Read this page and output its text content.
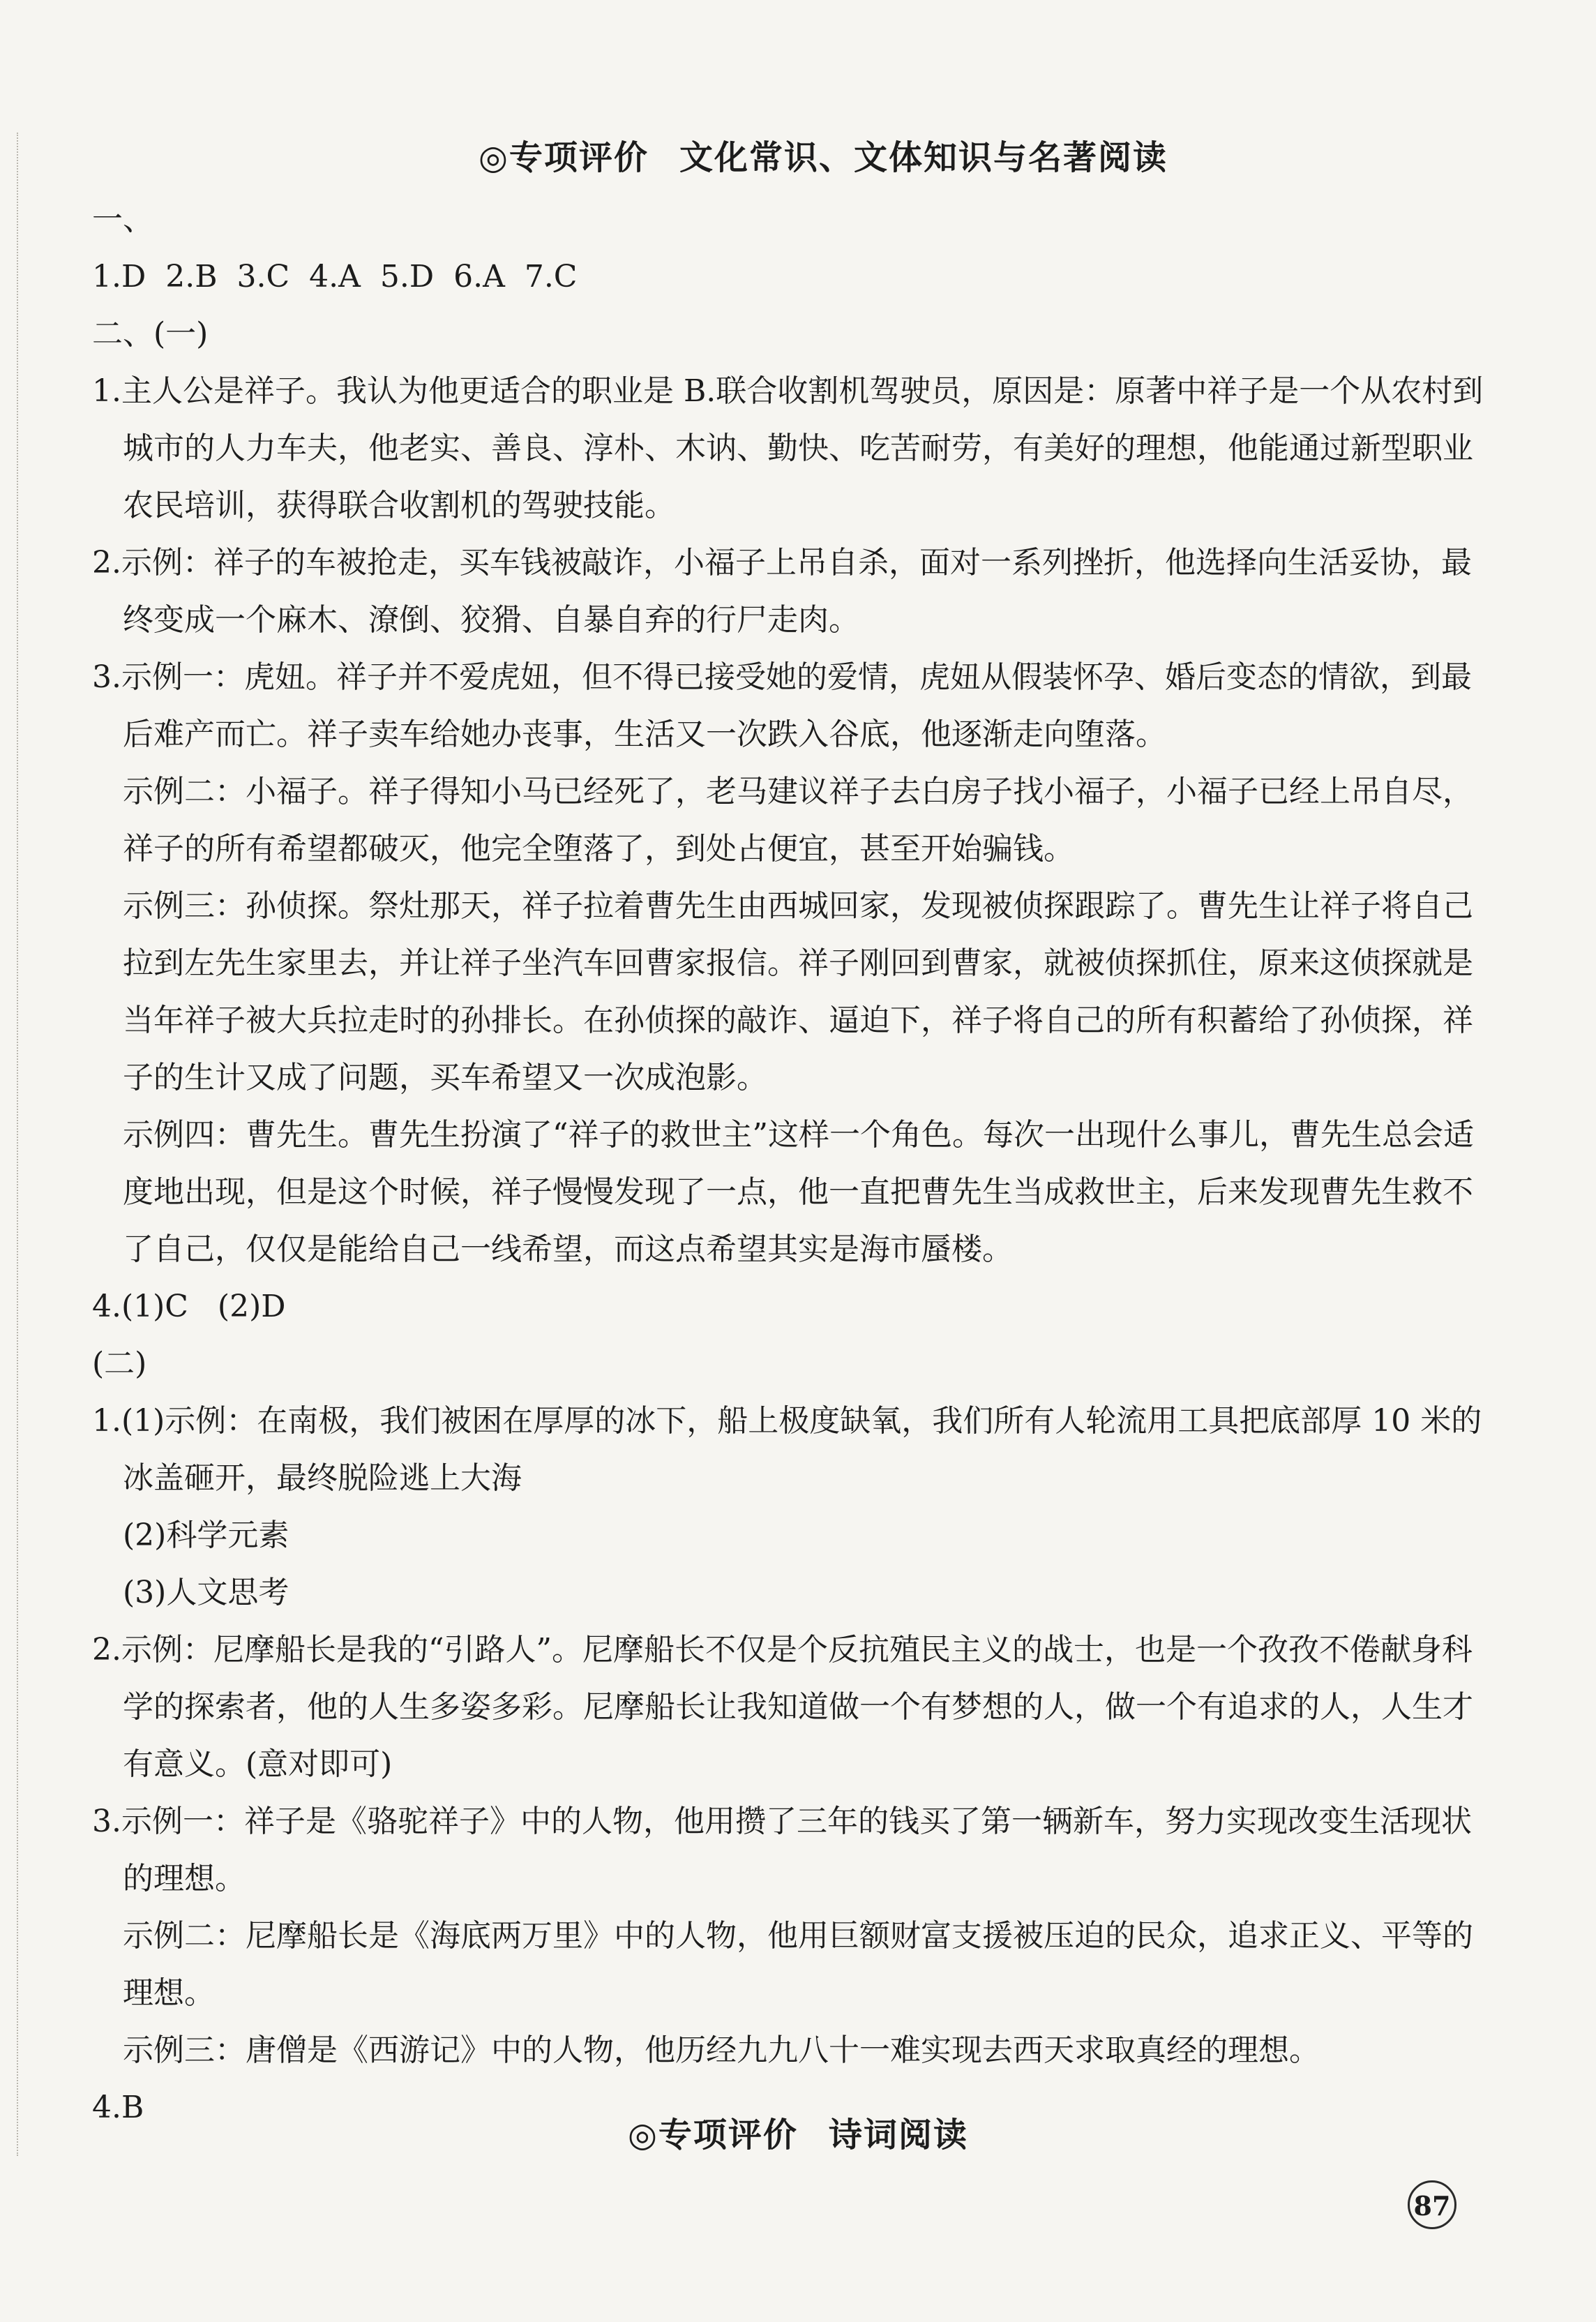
◎专项评价 文化常识、文体知识与名著阅读
一、
1.D  2.B  3.C  4.A  5.D  6.A  7.C
二、(一)
1.主人公是祥子。我认为他更适合的职业是 B.联合收割机驾驶员，原因是：原著中祥子是一个从农村到城市的人力车夫，他老实、善良、淳朴、木讷、勤快、吃苦耐劳，有美好的理想，他能通过新型职业农民培训，获得联合收割机的驾驶技能。
2.示例：祥子的车被抢走，买车钱被敲诈，小福子上吊自杀，面对一系列挫折，他选择向生活妥协，最终变成一个麻木、潦倒、狡猾、自暴自弃的行尸走肉。
3.示例一：虎妞。祥子并不爱虎妞，但不得已接受她的爱情，虎妞从假装怀孕、婚后变态的情欲，到最后难产而亡。祥子卖车给她办丧事，生活又一次跌入谷底，他逐渐走向堕落。
示例二：小福子。祥子得知小马已经死了，老马建议祥子去白房子找小福子，小福子已经上吊自尽，祥子的所有希望都破灭，他完全堕落了，到处占便宜，甚至开始骗钱。
示例三：孙侦探。祭灶那天，祥子拉着曹先生由西城回家，发现被侦探跟踪了。曹先生让祥子将自己拉到左先生家里去，并让祥子坐汽车回曹家报信。祥子刚回到曹家，就被侦探抓住，原来这侦探就是当年祥子被大兵拉走时的孙排长。在孙侦探的敲诈、逼迫下，祥子将自己的所有积蓄给了孙侦探，祥子的生计又成了问题，买车希望又一次成泡影。
示例四：曹先生。曹先生扮演了“祥子的救世主”这样一个角色。每次一出现什么事儿，曹先生总会适度地出现，但是这个时候，祥子慢慢发现了一点，他一直把曹先生当成救世主，后来发现曹先生救不了自己，仅仅是能给自己一线希望，而这点希望其实是海市蜃楼。
4.(1)C   (2)D
(二)
1.(1)示例：在南极，我们被困在厚厚的冰下，船上极度缺氧，我们所有人轮流用工具把底部厚 10 米的冰盖砸开，最终脱险逃上大海
(2)科学元素
(3)人文思考
2.示例：尼摩船长是我的“引路人”。尼摩船长不仅是个反抗殖民主义的战士，也是一个孜孜不倦献身科学的探索者，他的人生多姿多彩。尼摩船长让我知道做一个有梦想的人，做一个有追求的人，人生才有意义。(意对即可)
3.示例一：祥子是《骆驼祥子》中的人物，他用攒了三年的钱买了第一辆新车，努力实现改变生活现状的理想。
示例二：尼摩船长是《海底两万里》中的人物，他用巨额财富支援被压迫的民众，追求正义、平等的理想。
示例三：唐僧是《西游记》中的人物，他历经九九八十一难实现去西天求取真经的理想。
4.B
◎专项评价 诗词阅读
87
